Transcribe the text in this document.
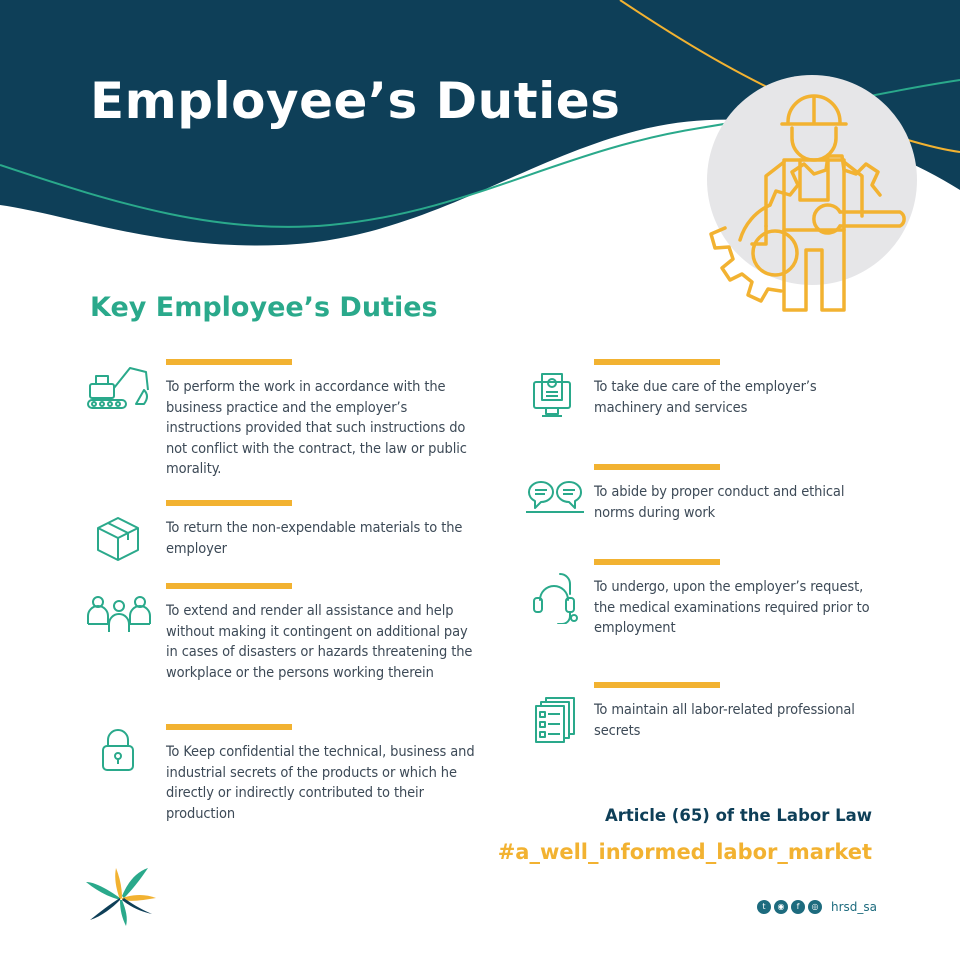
Employee’s Duties
Key Employee’s Duties
To perform the work in accordance with the business practice and the employer’s instructions provided that such instructions do not conflict with the contract, the law or public morality.
To return the non-expendable materials to the employer
To extend and render all assistance and help without making it contingent on additional pay in cases of disasters or hazards threatening the workplace or the persons working therein
To Keep confidential the technical, business and industrial secrets of the products or which he directly or indirectly contributed to their production
To take due care of the employer’s machinery and services
To abide by proper conduct and ethical norms during work
To undergo, upon the employer’s request, the medical examinations required prior to employment
To maintain all labor-related professional secrets
Article (65) of the Labor Law
#a_well_informed_labor_market
t	◉	f	◎ hrsd_sa
